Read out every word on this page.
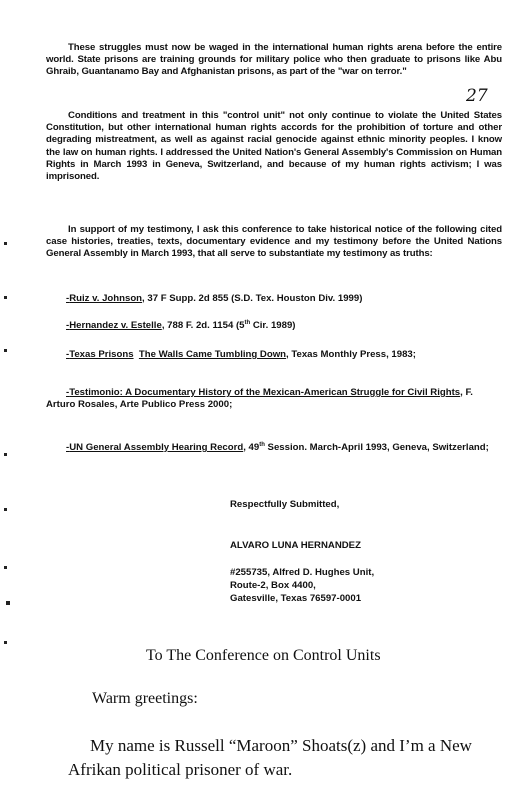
These struggles must now be waged in the international human rights arena before the entire world. State prisons are training grounds for military police who then graduate to prisons like Abu Ghraib, Guantanamo Bay and Afghanistan prisons, as part of the "war on terror."
27
Conditions and treatment in this "control unit" not only continue to violate the United States Constitution, but other international human rights accords for the prohibition of torture and other degrading mistreatment, as well as against racial genocide against ethnic minority peoples. I know the law on human rights. I addressed the United Nation's General Assembly's Commission on Human Rights in March 1993 in Geneva, Switzerland, and because of my human rights activism; I was imprisoned.
In support of my testimony, I ask this conference to take historical notice of the following cited case histories, treaties, texts, documentary evidence and my testimony before the United Nations General Assembly in March 1993, that all serve to substantiate my testimony as truths:
-Ruiz v. Johnson, 37 F Supp. 2d 855 (S.D. Tex. Houston Div. 1999)
-Hernandez v. Estelle, 788 F. 2d. 1154 (5th Cir. 1989)
-Texas Prisons The Walls Came Tumbling Down, Texas Monthly Press, 1983;
-Testimonio: A Documentary History of the Mexican-American Struggle for Civil Rights, F. Arturo Rosales, Arte Publico Press 2000;
-UN General Assembly Hearing Record, 49th Session. March-April 1993, Geneva, Switzerland;
Respectfully Submitted,
ALVARO LUNA HERNANDEZ
#255735, Alfred D. Hughes Unit,
Route-2, Box 4400,
Gatesville, Texas 76597-0001
To The Conference on Control Units
Warm greetings:
My name is Russell “Maroon” Shoats(z) and I’m a New Afrikan political prisoner of war.
